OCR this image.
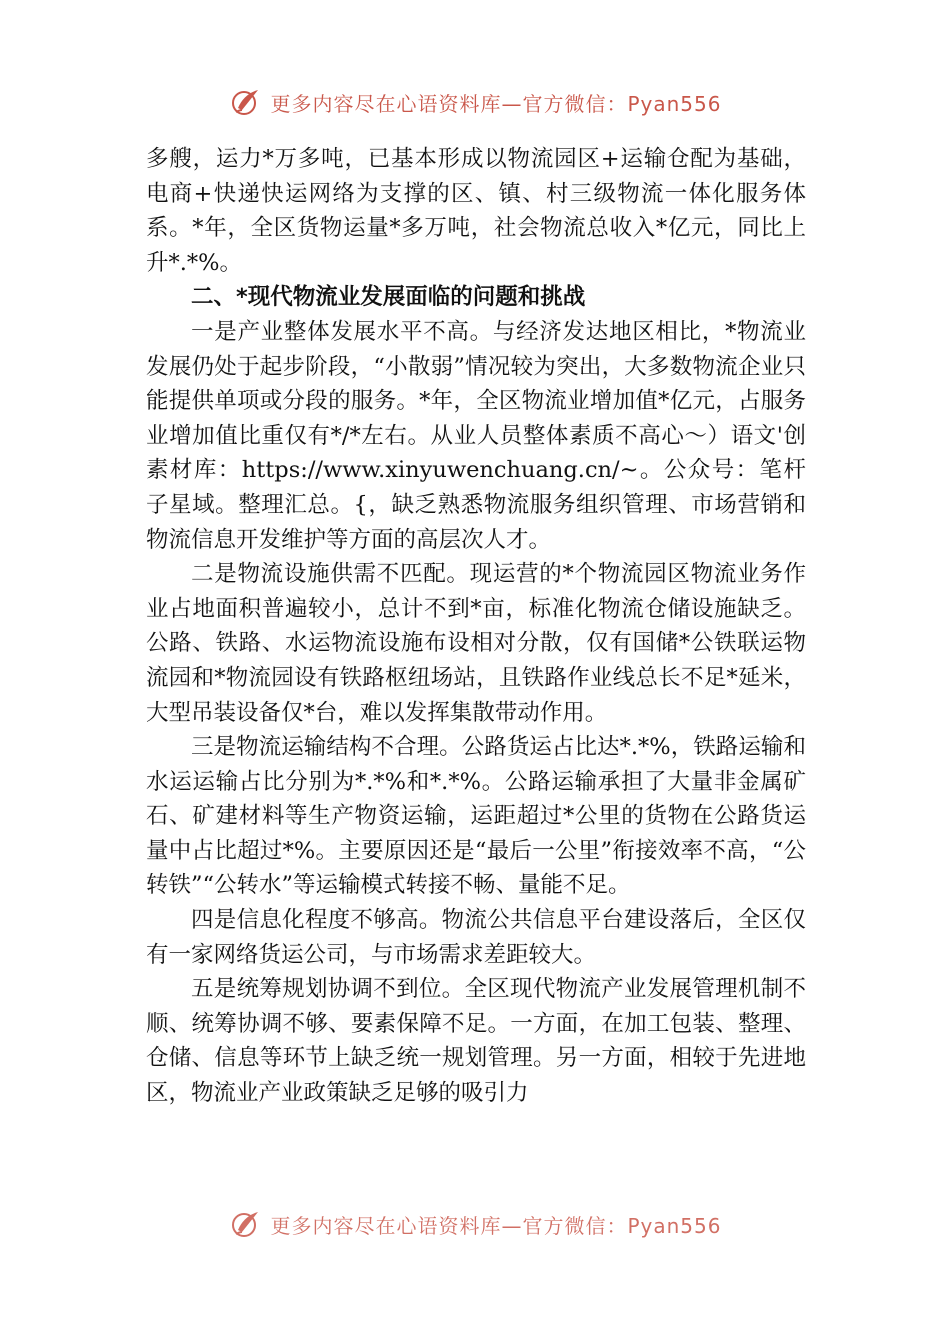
更多内容尽在心语资料库—官方微信：Pyan556

多艘，运力*万多吨，已基本形成以物流园区+运输仓配为基础，电商+快递快运网络为支撑的区、镇、村三级物流一体化服务体系。*年，全区货物运量*多万吨，社会物流总收入*亿元，同比上升*.*%。

二、*现代物流业发展面临的问题和挑战

一是产业整体发展水平不高。与经济发达地区相比，*物流业发展仍处于起步阶段，“小散弱”情况较为突出，大多数物流企业只能提供单项或分段的服务。*年，全区物流业增加值*亿元，占服务业增加值比重仅有*/*左右。从业人员整体素质不高心～）语文'创素材库：https://www.xinyuwenchuang.cn/~。公众号：笔杆子星域。整理汇总。{，缺乏熟悉物流服务组织管理、市场营销和物流信息开发维护等方面的高层次人才。

二是物流设施供需不匹配。现运营的*个物流园区物流业务作业占地面积普遍较小，总计不到*亩，标准化物流仓储设施缺乏。公路、铁路、水运物流设施布设相对分散，仅有国储*公铁联运物流园和*物流园设有铁路枢纽场站，且铁路作业线总长不足*延米，大型吊装设备仅*台，难以发挥集散带动作用。

三是物流运输结构不合理。公路货运占比达*.*%，铁路运输和水运运输占比分别为*.*%和*.*%。公路运输承担了大量非金属矿石、矿建材料等生产物资运输，运距超过*公里的货物在公路货运量中占比超过*%。主要原因还是“最后一公里”衔接效率不高，“公转铁”“公转水”等运输模式转接不畅、量能不足。

四是信息化程度不够高。物流公共信息平台建设落后，全区仅有一家网络货运公司，与市场需求差距较大。

五是统筹规划协调不到位。全区现代物流产业发展管理机制不顺、统筹协调不够、要素保障不足。一方面，在加工包装、整理、仓储、信息等环节上缺乏统一规划管理。另一方面，相较于先进地区，物流业产业政策缺乏足够的吸引力

更多内容尽在心语资料库—官方微信：Pyan556
